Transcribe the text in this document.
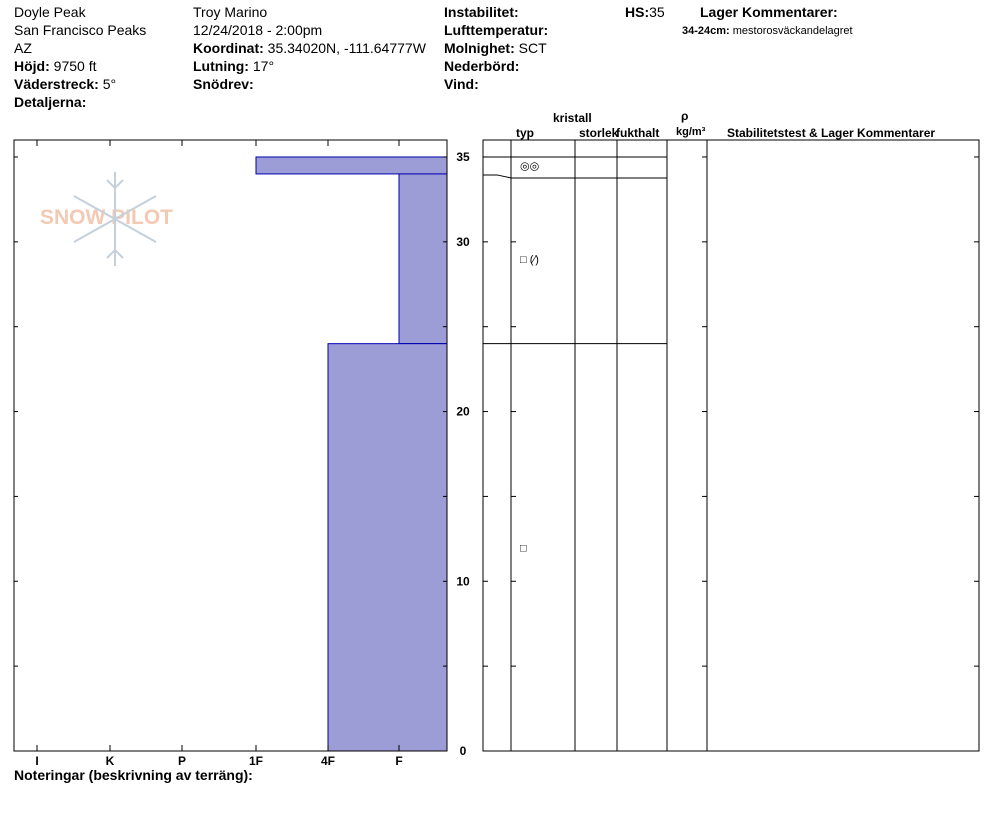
Doyle Peak
San Francisco Peaks
AZ
Höjd: 9750 ft
Väderstreck: 5°
Detaljerna:
Troy Marino
12/24/2018 - 2:00pm
Koordinat: 35.34020N, -111.64777W
Lutning: 17°
Snödrev:
Instabilitet:
Lufttemperatur:
Molnighet: SCT
Nederbörd:
Vind:
HS:35	Lager Kommentarer:
34-24cm: mestorosväckandelagret
kristall
typ	storlek
fukthalt
ρ
kg/m³ Stabilitetstest & Lager Kommentarer
SNOW PILOT
I	K	P	1F	4F	F
0
10
20
30
35
◎◎
□ (⁄)
□
Noteringar (beskrivning av terräng):
